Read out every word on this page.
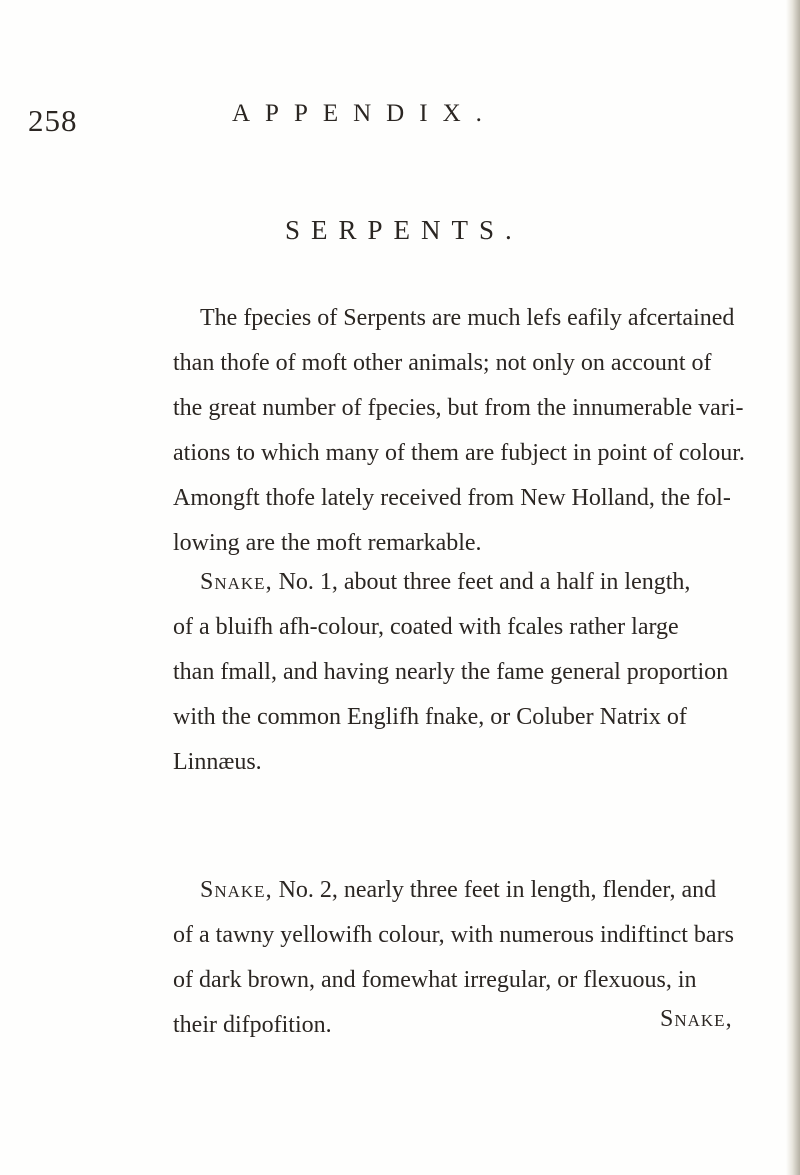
258	APPENDIX.
SERPENTS.

The fpecies of Serpents are much lefs eafily afcertained
than thofe of moft other animals; not only on account of
the great number of fpecies, but from the innumerable vari-
ations to which many of them are fubject in point of colour.
Amongft thofe lately received from New Holland, the fol-
lowing are the moft remarkable.

Snake, No. 1, about three feet and a half in length,
of a bluifh afh-colour, coated with fcales rather large
than fmall, and having nearly the fame general proportion
with the common Englifh fnake, or Coluber Natrix of
Linnæus.

Snake, No. 2, nearly three feet in length, flender, and
of a tawny yellowifh colour, with numerous indiftinct bars
of dark brown, and fomewhat irregular, or flexuous, in
their difpofition.	Snake,
